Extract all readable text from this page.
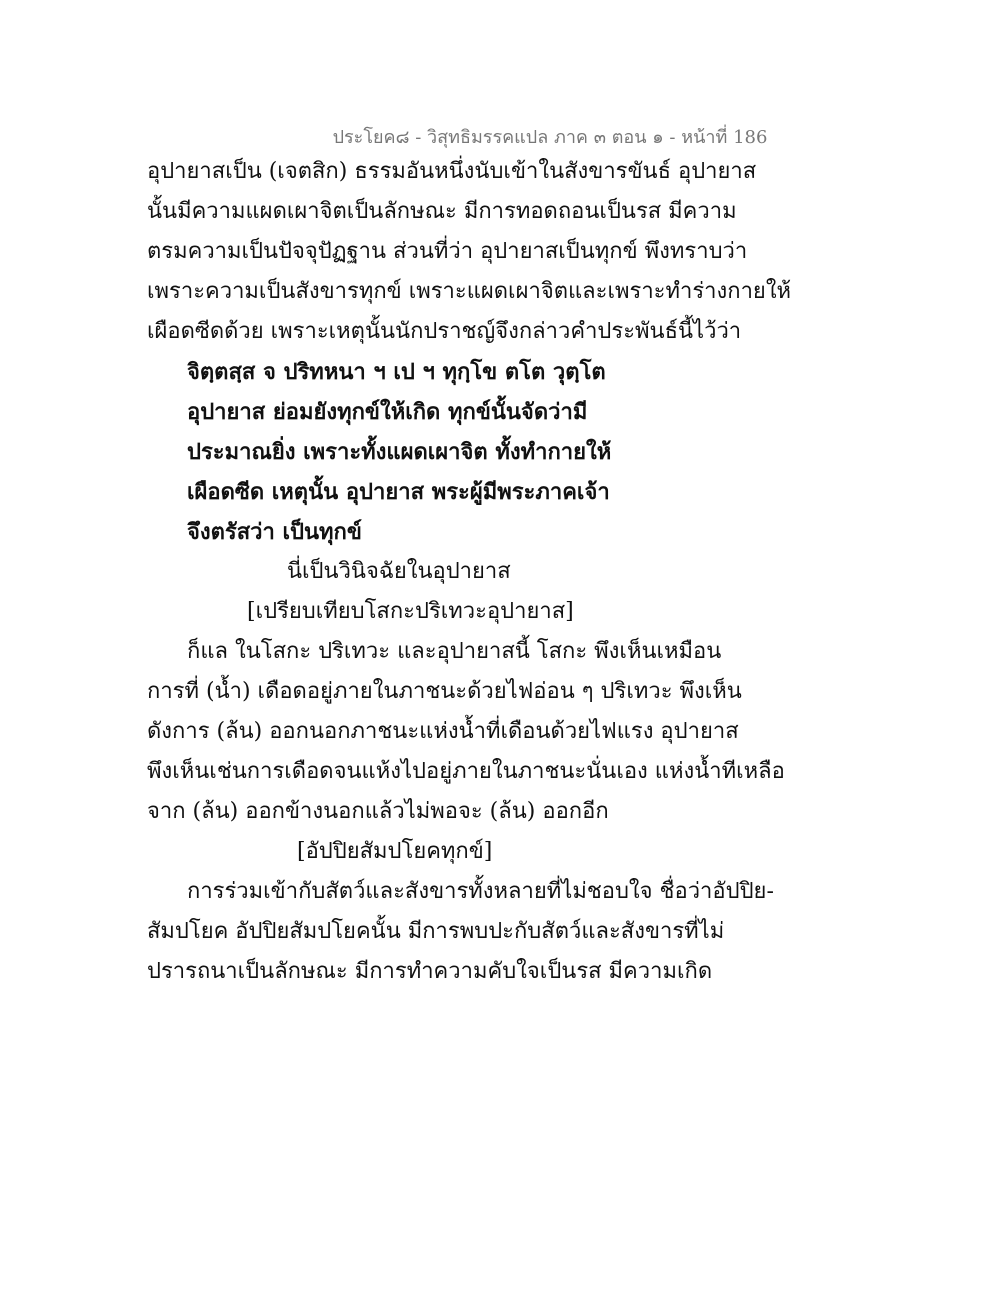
ประโยค๘ - วิสุทธิมรรคแปล ภาค ๓ ตอน ๑ - หน้าที่ 186
อุปายาสเป็น (เจตสิก) ธรรมอันหนึ่งนับเข้าในสังขารขันธ์ อุปายาส
นั้นมีความแผดเผาจิตเป็นลักษณะ มีการทอดถอนเป็นรส มีความ
ตรมความเป็นปัจจุปัฏฐาน ส่วนที่ว่า อุปายาสเป็นทุกข์ พึงทราบว่า
เพราะความเป็นสังขารทุกข์ เพราะแผดเผาจิตและเพราะทำร่างกายให้
เผือดซีดด้วย เพราะเหตุนั้นนักปราชญ์จึงกล่าวคำประพันธ์นี้ไว้ว่า
จิตฺตสฺส จ ปริทหนา ฯ เป ฯ ทุกฺโข ตโต วุตฺโต
อุปายาส ย่อมยังทุกข์ให้เกิด ทุกข์นั้นจัดว่ามี
ประมาณยิ่ง เพราะทั้งแผดเผาจิต ทั้งทำกายให้
เผือดซีด เหตุนั้น อุปายาส พระผู้มีพระภาคเจ้า
จึงตรัสว่า เป็นทุกข์
นี่เป็นวินิจฉัยในอุปายาส
[เปรียบเทียบโสกะปริเทวะอุปายาส]
ก็แล ในโสกะ ปริเทวะ และอุปายาสนี้ โสกะ พึงเห็นเหมือน
การที่ (น้ำ) เดือดอยู่ภายในภาชนะด้วยไฟอ่อน ๆ ปริเทวะ พึงเห็น
ดังการ (ล้น) ออกนอกภาชนะแห่งน้ำที่เดือนด้วยไฟแรง อุปายาส
พึงเห็นเช่นการเดือดจนแห้งไปอยู่ภายในภาชนะนั่นเอง แห่งน้ำทีเหลือ
จาก (ล้น) ออกข้างนอกแล้วไม่พอจะ (ล้น) ออกอีก
[อัปปิยสัมปโยคทุกข์]
การร่วมเข้ากับสัตว์และสังขารทั้งหลายที่ไม่ชอบใจ ชื่อว่าอัปปิย-
สัมปโยค อัปปิยสัมปโยคนั้น มีการพบปะกับสัตว์และสังขารที่ไม่
ปรารถนาเป็นลักษณะ มีการทำความคับใจเป็นรส มีความเกิด
